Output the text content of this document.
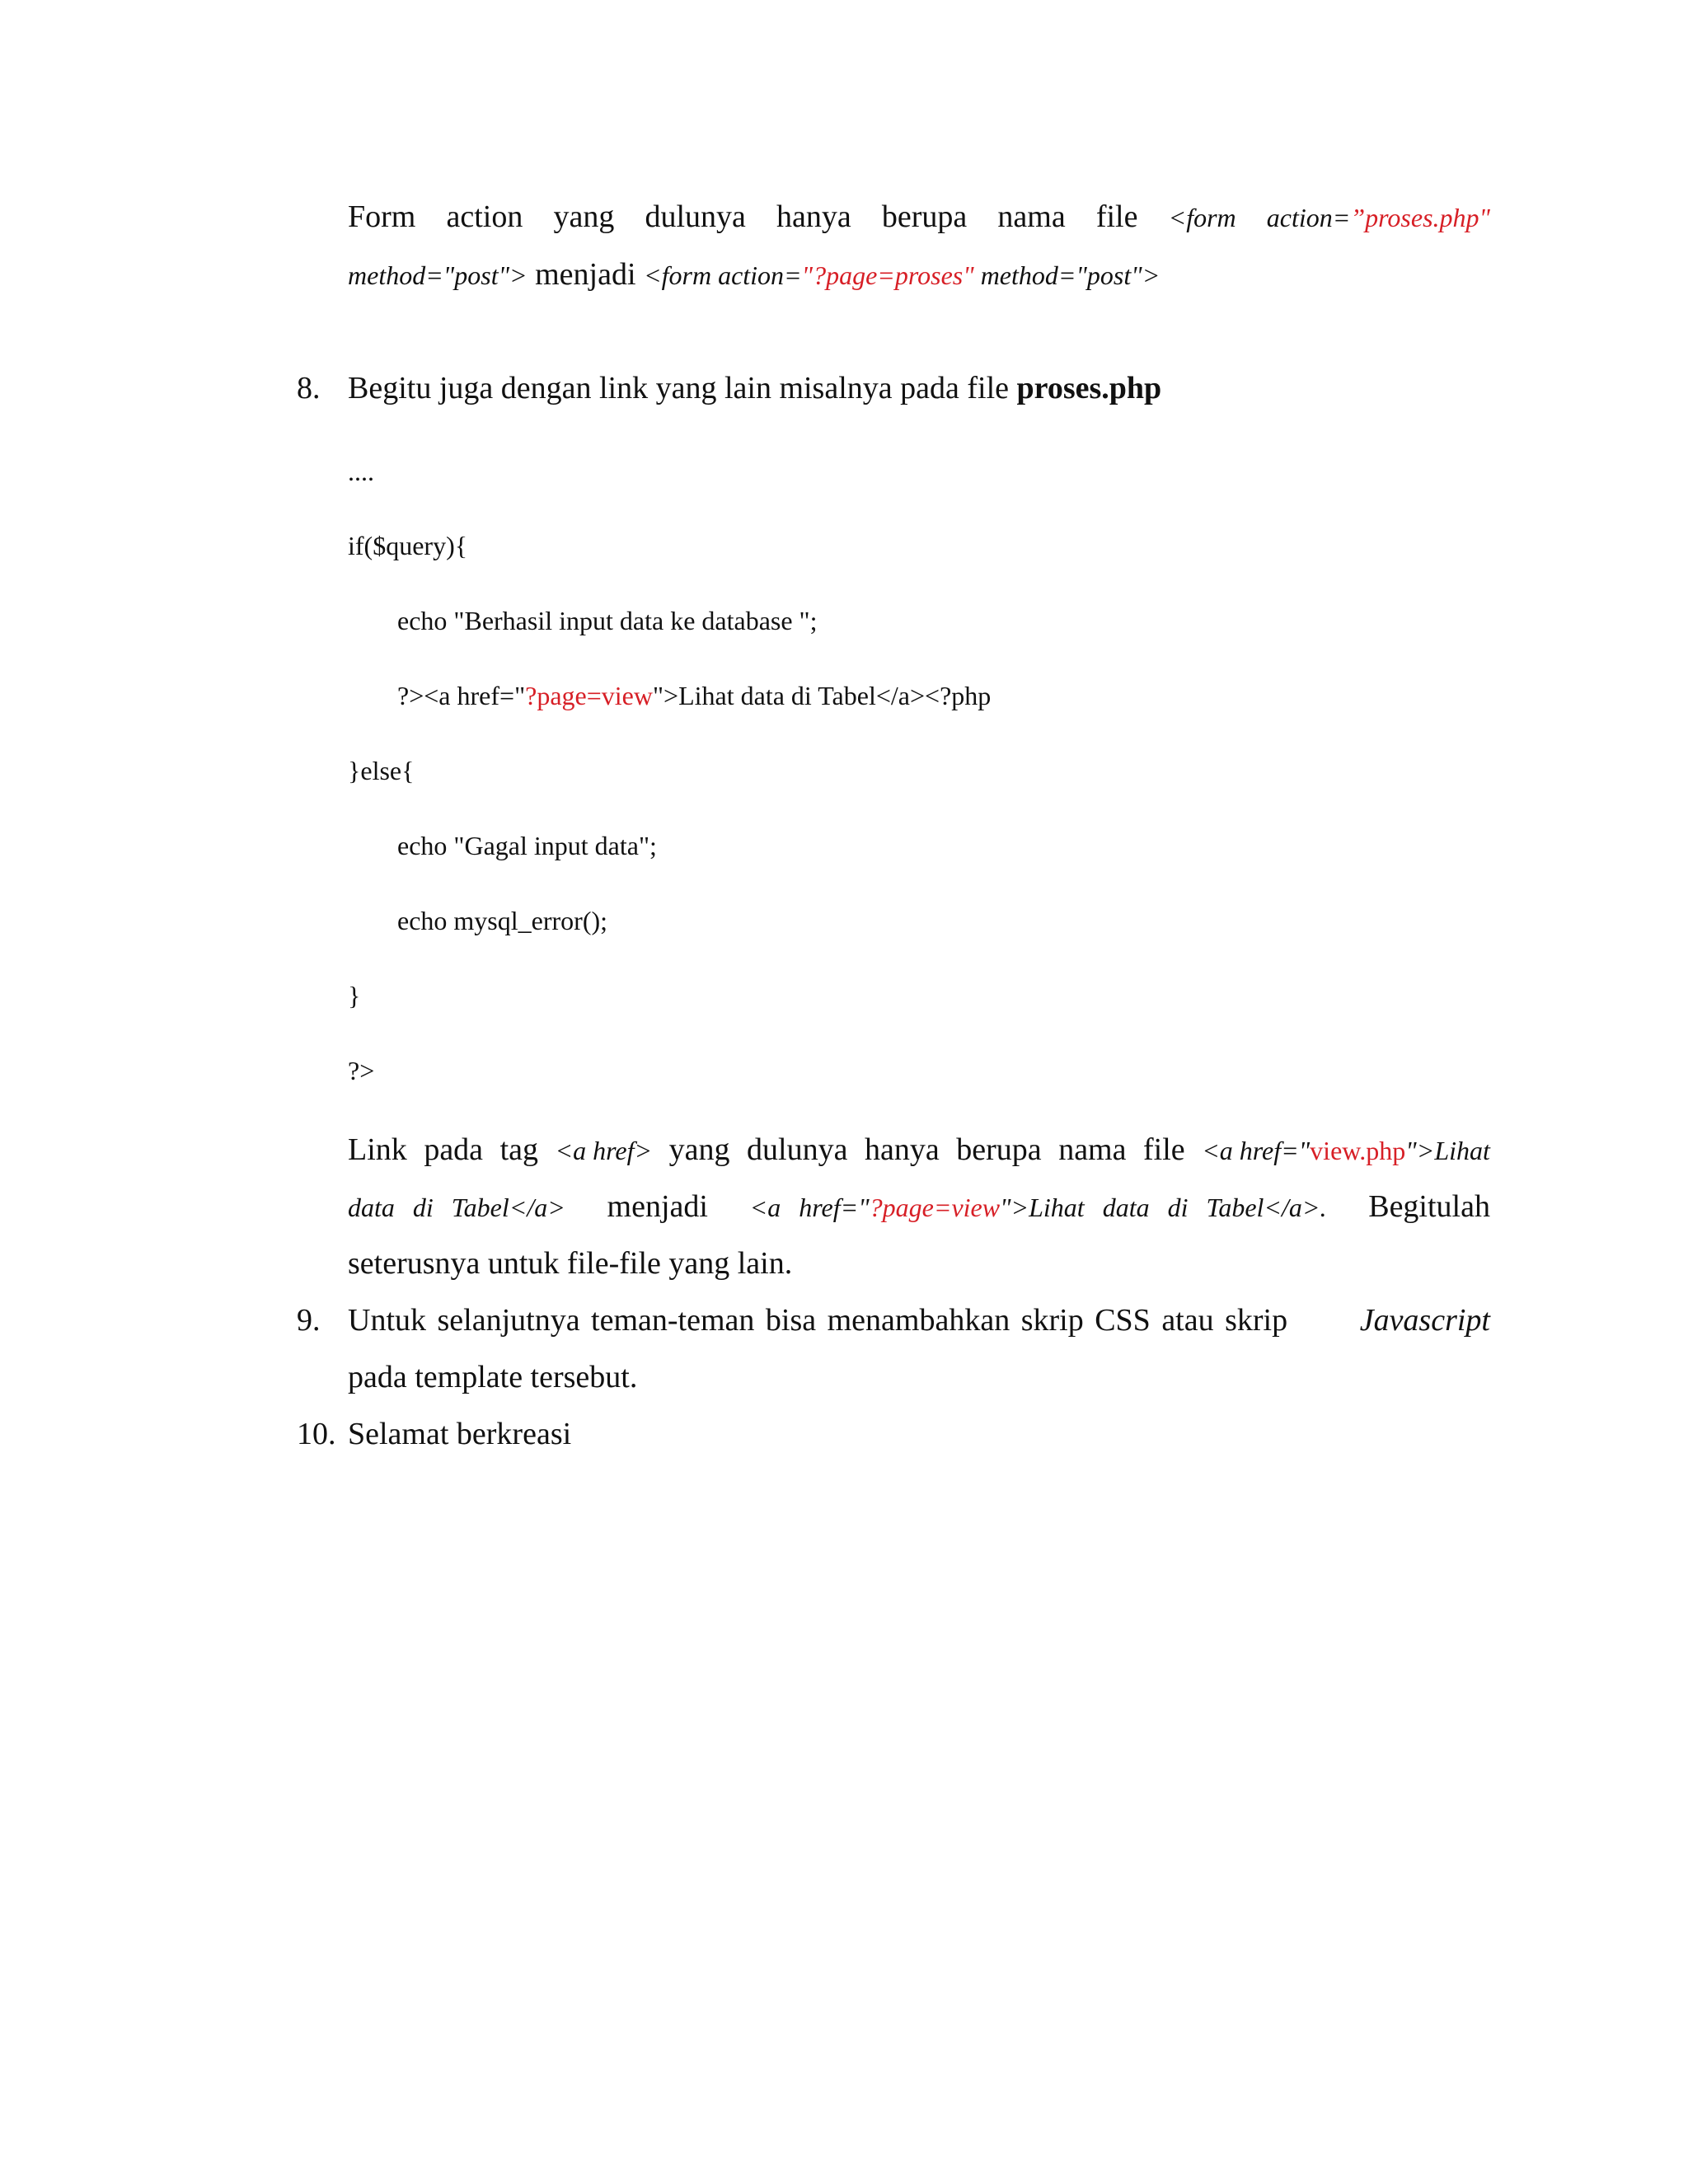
Form action yang dulunya hanya berupa nama file <form action=”proses.php"
method="post"> menjadi <form action="?page=proses" method="post">
8. Begitu juga dengan link yang lain misalnya pada file proses.php
....
if($query){
echo "Berhasil input data ke database ";
?><a href="?page=view">Lihat data di Tabel</a><?php
}else{
echo "Gagal input data";
echo mysql_error();
}
?>
Link pada tag <a href> yang dulunya hanya berupa nama file <a href="view.php">Lihat
data di Tabel</a> menjadi <a href="?page=view">Lihat data di Tabel</a>. Begitulah
seterusnya untuk file-file yang lain.
9. Untuk selanjutnya teman-teman bisa menambahkan skrip CSS atau skrip Javascript
pada template tersebut.
10. Selamat berkreasi
